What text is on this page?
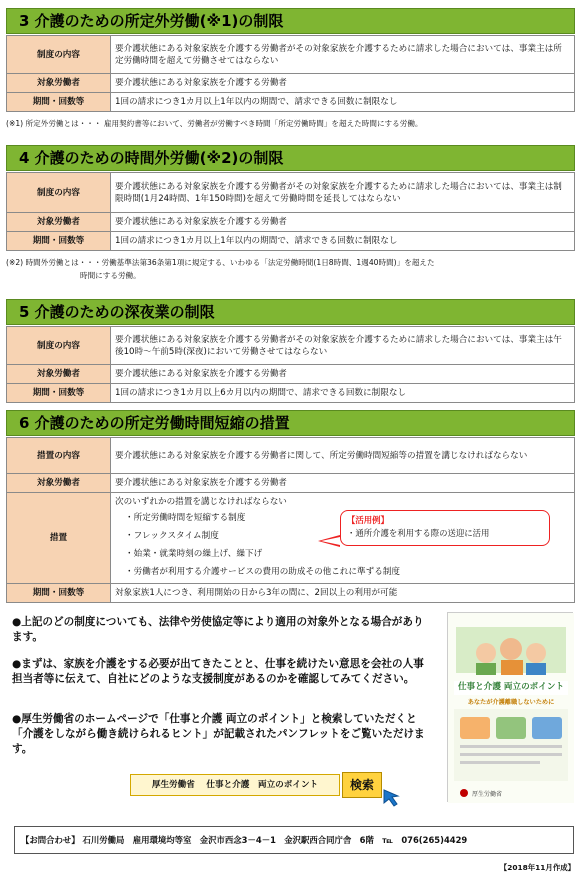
3 介護のための所定外労働(※1)の制限
制度の内容	要介護状態にある対象家族を介護する労働者がその対象家族を介護するために請求した場合においては、事業主は所定労働時間を超えて労働させてはならない
対象労働者	要介護状態にある対象家族を介護する労働者
期間・回数等	1回の請求につき1カ月以上1年以内の期間で、請求できる回数に制限なし
(※1) 所定外労働とは・・・ 雇用契約書等において、労働者が労働すべき時間「所定労働時間」を超えた時間にする労働。
4 介護のための時間外労働(※2)の制限
制度の内容	要介護状態にある対象家族を介護する労働者がその対象家族を介護するために請求した場合においては、事業主は制限時間(1月24時間、1年150時間)を超えて労働時間を延長してはならない
対象労働者	要介護状態にある対象家族を介護する労働者
期間・回数等	1回の請求につき1カ月以上1年以内の期間で、請求できる回数に制限なし
(※2) 時間外労働とは・・・労働基準法第36条第1項に規定する、いわゆる「法定労働時間(1日8時間、1週40時間)」を超えた
時間にする労働。
5 介護のための深夜業の制限
制度の内容	要介護状態にある対象家族を介護する労働者がその対象家族を介護するために請求した場合においては、事業主は午後10時～午前5時(深夜)において労働させてはならない
対象労働者	要介護状態にある対象家族を介護する労働者
期間・回数等	1回の請求につき1カ月以上6カ月以内の期間で、請求できる回数に制限なし
6 介護のための所定労働時間短縮の措置
措置の内容	要介護状態にある対象家族を介護する労働者に関して、所定労働時間短縮等の措置を講じなければならない
対象労働者	要介護状態にある対象家族を介護する労働者
措置	次のいずれかの措置を講じなければならない
・所定労働時間を短縮する制度
・フレックスタイム制度
・始業・就業時刻の繰上げ、繰下げ
・労働者が利用する介護サービスの費用の助成その他これに準ずる制度

期間・回数等	対象家族1人につき、利用開始の日から3年の間に、2回以上の利用が可能
【活用例】
・通所介護を利用する際の送迎に活用
●上記のどの制度についても、法律や労使協定等により適用の対象外となる場合があります。
●まずは、家族を介護をする必要が出てきたことと、仕事を続けたい意思を会社の人事担当者等に伝えて、自社にどのような支援制度があるのかを確認してみてください。
●厚生労働省のホームページで「仕事と介護 両立のポイント」と検索していただくと「介護をしながら働き続けられるヒント」が記載されたパンフレットをご覧いただけます。
厚生労働省　 仕事と介護　両立のポイント	検索
仕事と介護 両立のポイント
あなたが介護離職しないために
厚生労働省
【お問合わせ】 石川労働局　雇用環境均等室　金沢市西念3－4－1　金沢駅西合同庁舎　6階　℡　076(265)4429
【2018年11月作成】
